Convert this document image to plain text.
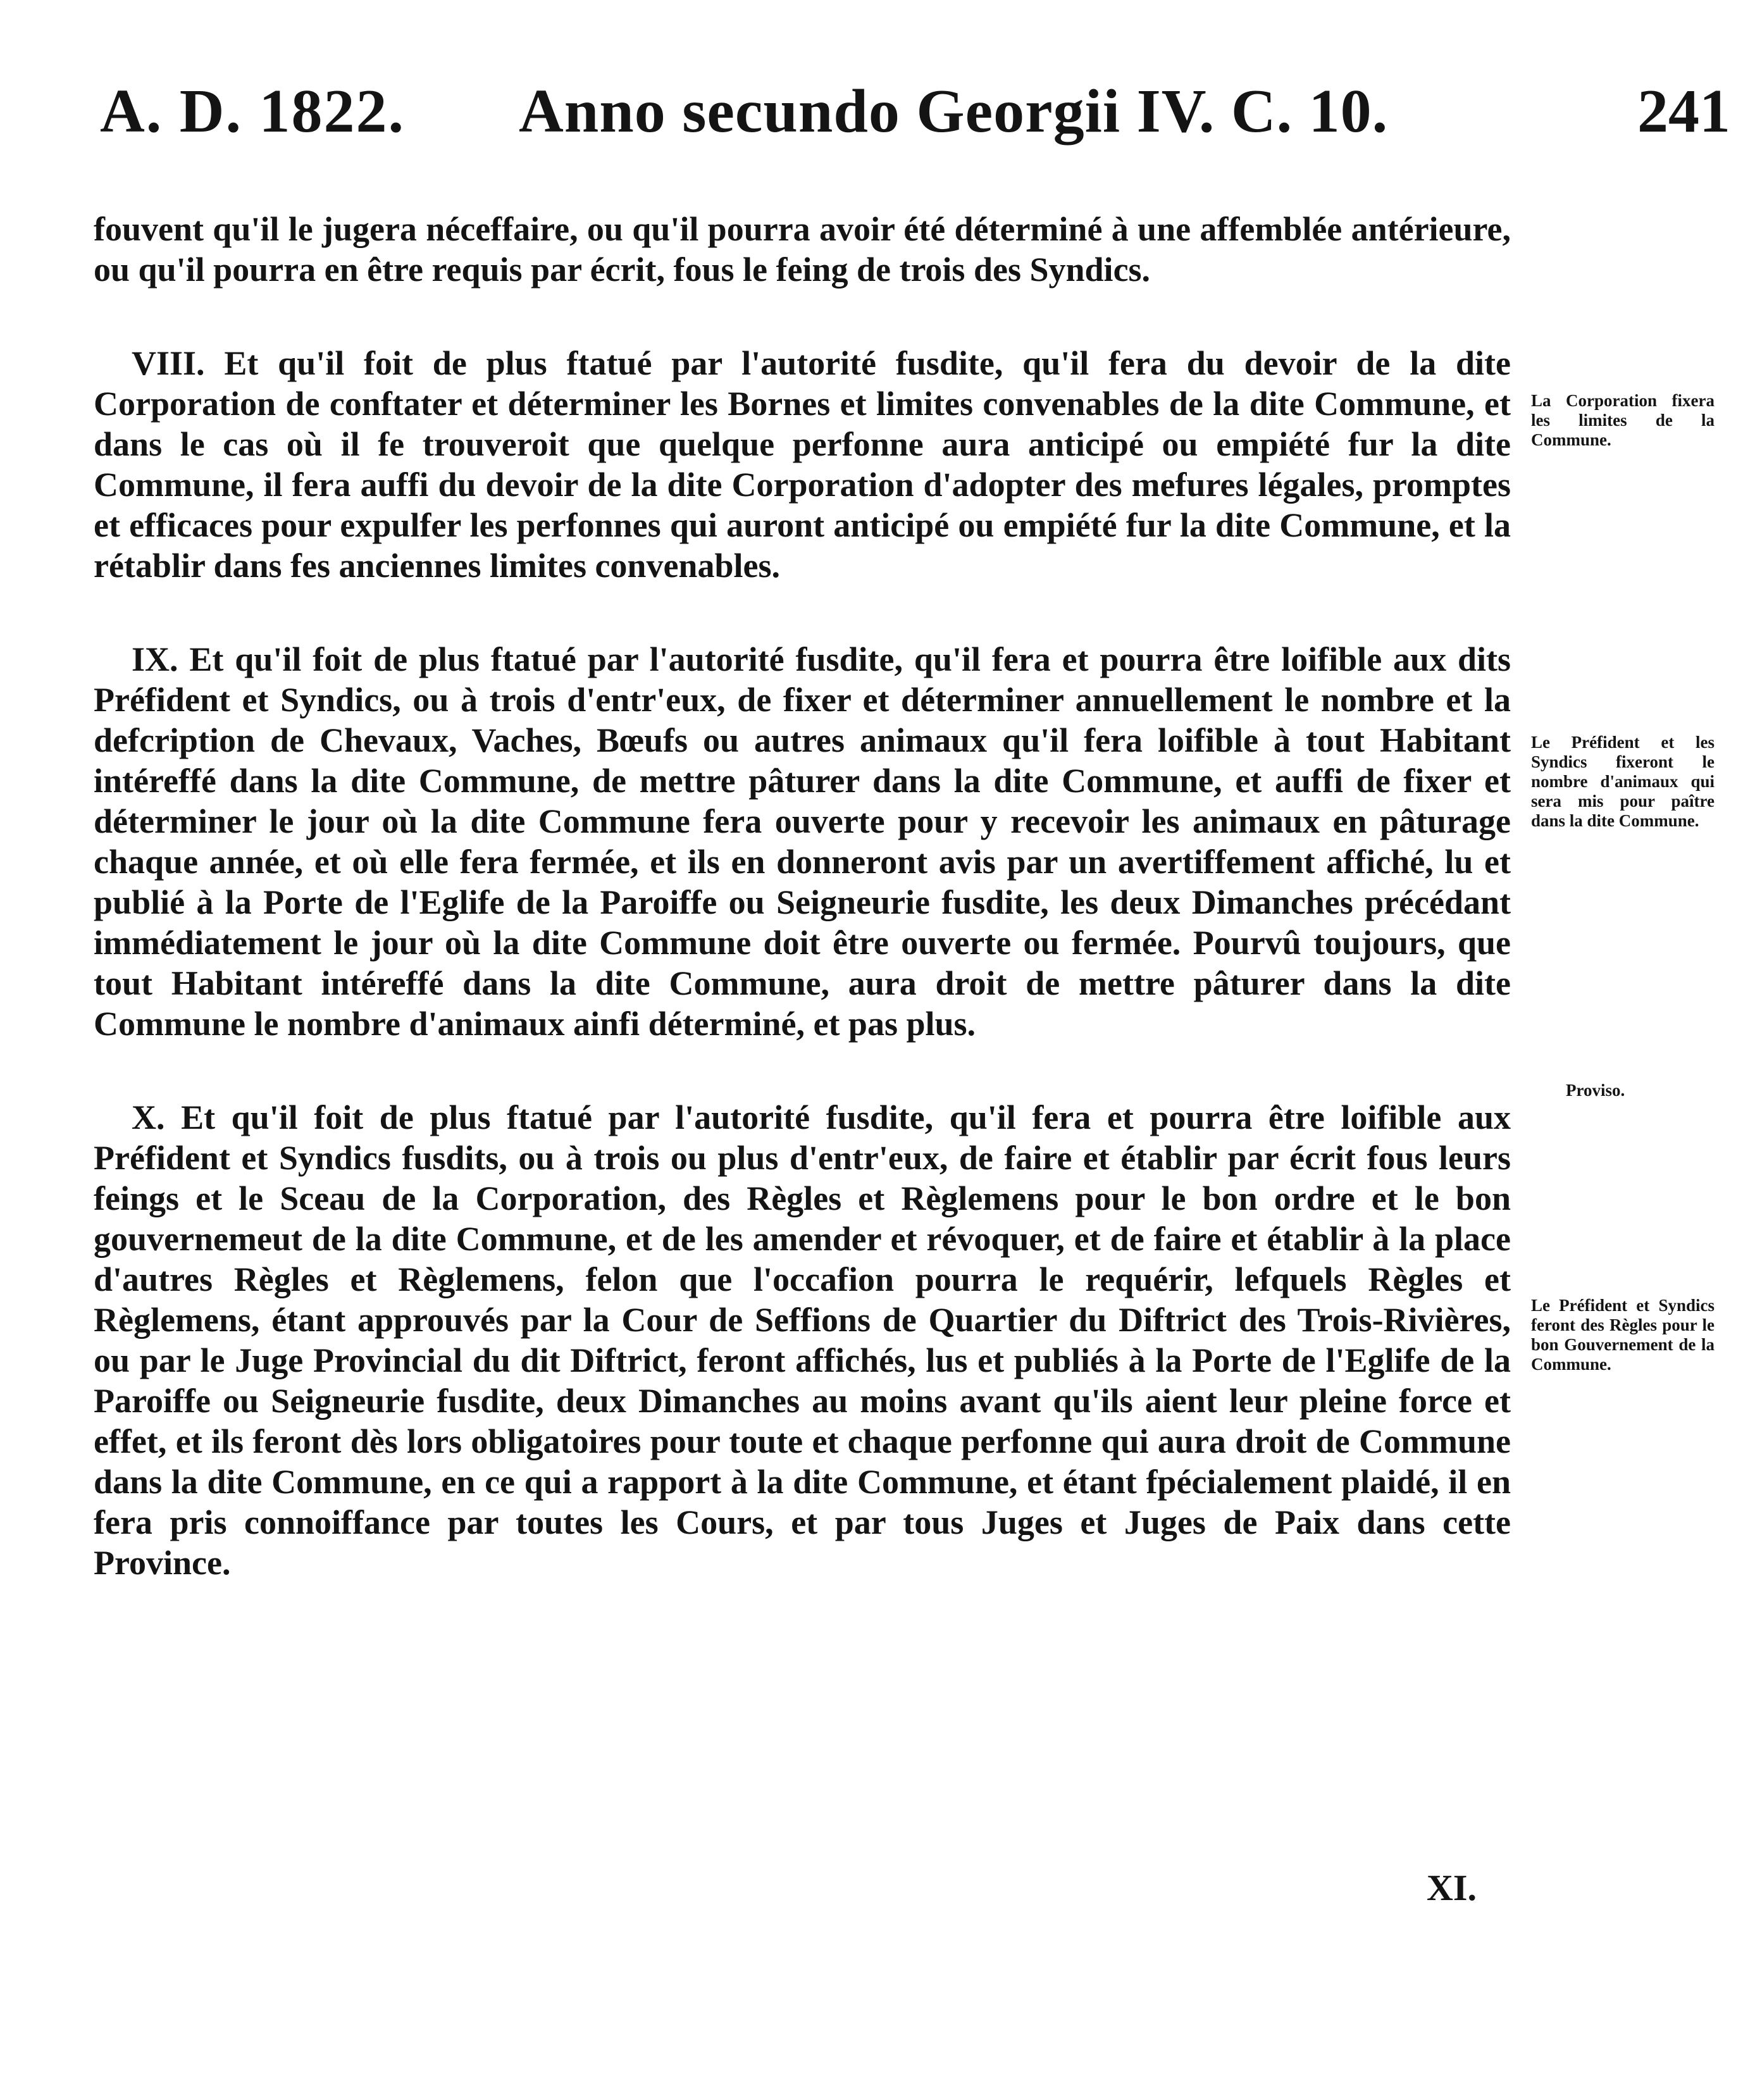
A. D. 1822. Anno secundo Georgii IV. C. 10.	241

fouvent qu'il le jugera néceffaire, ou qu'il pourra avoir été déterminé à une affemblée antérieure, ou qu'il pourra en être requis par écrit, fous le feing de trois des Syndics.

VIII. Et qu'il foit de plus ftatué par l'autorité fusdite, qu'il fera du devoir de la dite Corporation de conftater et déterminer les Bornes et limites convenables de la dite Commune, et dans le cas où il fe trouveroit que quelque perfonne aura anticipé ou empiété fur la dite Commune, il fera auffi du devoir de la dite Corporation d'adopter des mefures légales, promptes et efficaces pour expulfer les perfonnes qui auront anticipé ou empiété fur la dite Commune, et la rétablir dans fes anciennes limites convenables.

IX. Et qu'il foit de plus ftatué par l'autorité fusdite, qu'il fera et pourra être loifible aux dits Préfident et Syndics, ou à trois d'entr'eux, de fixer et déterminer annuellement le nombre et la defcription de Chevaux, Vaches, Bœufs ou autres animaux qu'il fera loifible à tout Habitant intéreffé dans la dite Commune, de mettre pâturer dans la dite Commune, et auffi de fixer et déterminer le jour où la dite Commune fera ouverte pour y recevoir les animaux en pâturage chaque année, et où elle fera fermée, et ils en donneront avis par un avertiffement affiché, lu et publié à la Porte de l'Eglife de la Paroiffe ou Seigneurie fusdite, les deux Dimanches précédant immédiatement le jour où la dite Commune doit être ouverte ou fermée. Pourvû toujours, que tout Habitant intéreffé dans la dite Commune, aura droit de mettre pâturer dans la dite Commune le nombre d'animaux ainfi déterminé, et pas plus.

X. Et qu'il foit de plus ftatué par l'autorité fusdite, qu'il fera et pourra être loifible aux Préfident et Syndics fusdits, ou à trois ou plus d'entr'eux, de faire et établir par écrit fous leurs feings et le Sceau de la Corporation, des Règles et Règlemens pour le bon ordre et le bon gouvernemeut de la dite Commune, et de les amender et révoquer, et de faire et établir à la place d'autres Règles et Règlemens, felon que l'occafion pourra le requérir, lefquels Règles et Règlemens, étant approuvés par la Cour de Seffions de Quartier du Diftrict des Trois-Rivières, ou par le Juge Provincial du dit Diftrict, feront affichés, lus et publiés à la Porte de l'Eglife de la Paroiffe ou Seigneurie fusdite, deux Dimanches au moins avant qu'ils aient leur pleine force et effet, et ils feront dès lors obligatoires pour toute et chaque perfonne qui aura droit de Commune dans la dite Commune, en ce qui a rapport à la dite Commune, et étant fpécialement plaidé, il en fera pris connoiffance par toutes les Cours, et par tous Juges et Juges de Paix dans cette Province.

La Corporation fixera les limites de la Commune.
Le Préfident et les Syndics fixeront le nombre d'animaux qui sera mis pour paître dans la dite Commune.
Proviso.
Le Préfident et Syndics feront des Règles pour le bon Gouvernement de la Commune.
XI.
